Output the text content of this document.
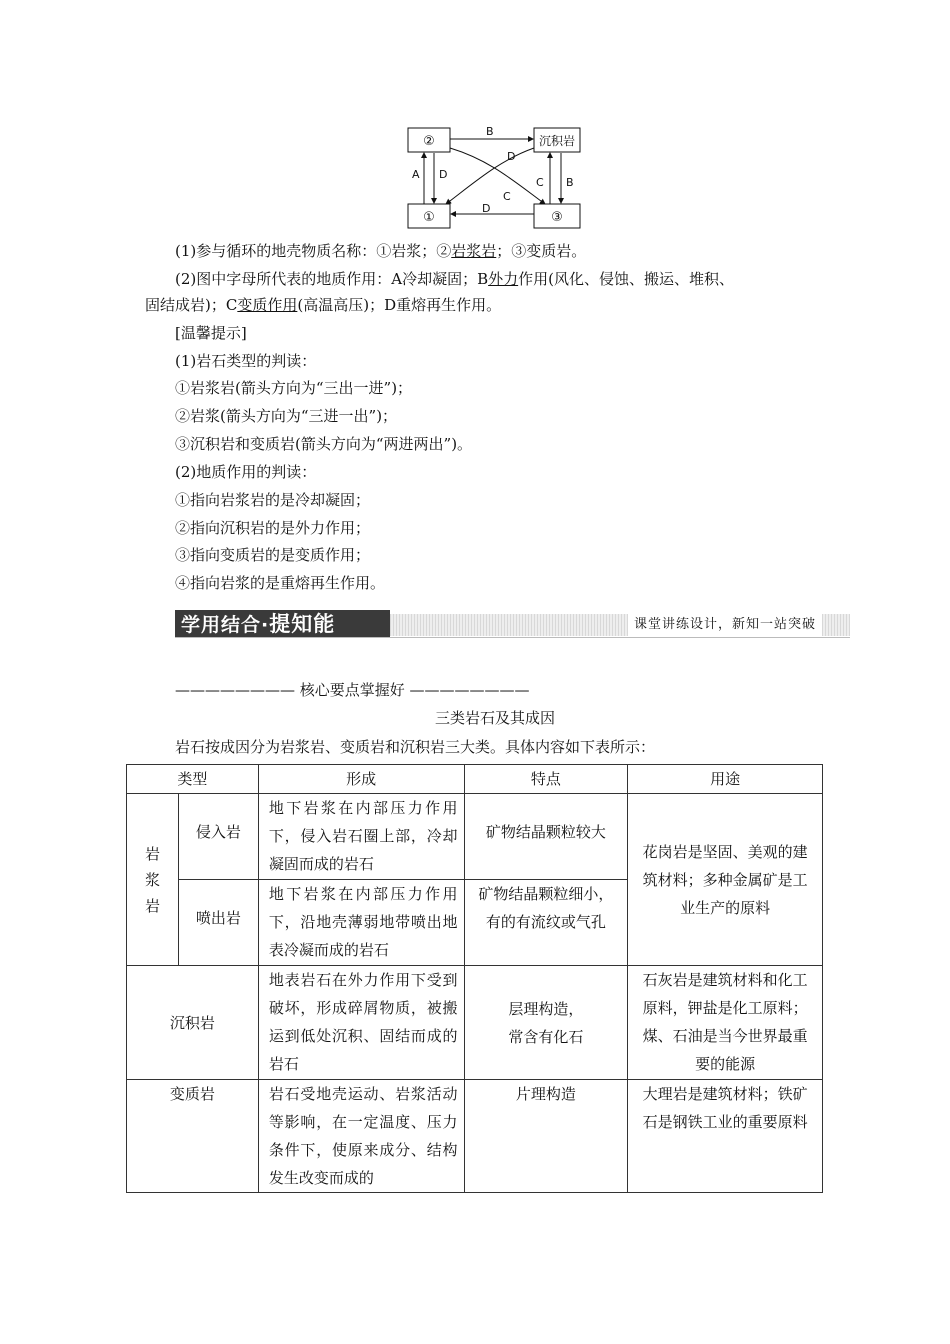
②	沉积岩
①	③
B
A D
C B
D
C
D
(1)参与循环的地壳物质名称：①岩浆；②岩浆岩；③变质岩。
(2)图中字母所代表的地质作用：A冷却凝固；B外力作用(风化、侵蚀、搬运、堆积、
固结成岩)；C变质作用(高温高压)；D重熔再生作用。
[温馨提示]
(1)岩石类型的判读：
①岩浆岩(箭头方向为“三出一进”)；
②岩浆(箭头方向为“三进一出”)；
③沉积岩和变质岩(箭头方向为“两进两出”)。
(2)地质作用的判读：
①指向岩浆岩的是冷却凝固；
②指向沉积岩的是外力作用；
③指向变质岩的是变质作用；
④指向岩浆的是重熔再生作用。
学用结合·提知能	课堂讲练设计，新知一站突破
———————— 核心要点掌握好 ————————
三类岩石及其成因
岩石按成因分为岩浆岩、变质岩和沉积岩三大类。具体内容如下表所示：
类型		形成	特点	用途
岩浆岩	侵入岩	地下岩浆在内部压力作用下，侵入岩石圈上部，冷却凝固而成的岩石	矿物结晶颗粒较大	花岗岩是坚固、美观的建筑材料；多种金属矿是工业生产的原料
	喷出岩	地下岩浆在内部压力作用下，沿地壳薄弱地带喷出地表冷凝而成的岩石	矿物结晶颗粒细小，有的有流纹或气孔	
沉积岩		地表岩石在外力作用下受到破坏，形成碎屑物质，被搬运到低处沉积、固结而成的岩石	层理构造，
常含有化石	石灰岩是建筑材料和化工原料，钾盐是化工原料；煤、石油是当今世界最重要的能源
变质岩		岩石受地壳运动、岩浆活动等影响，在一定温度、压力条件下，使原来成分、结构发生改变而成的	片理构造	大理岩是建筑材料；铁矿石是钢铁工业的重要原料
